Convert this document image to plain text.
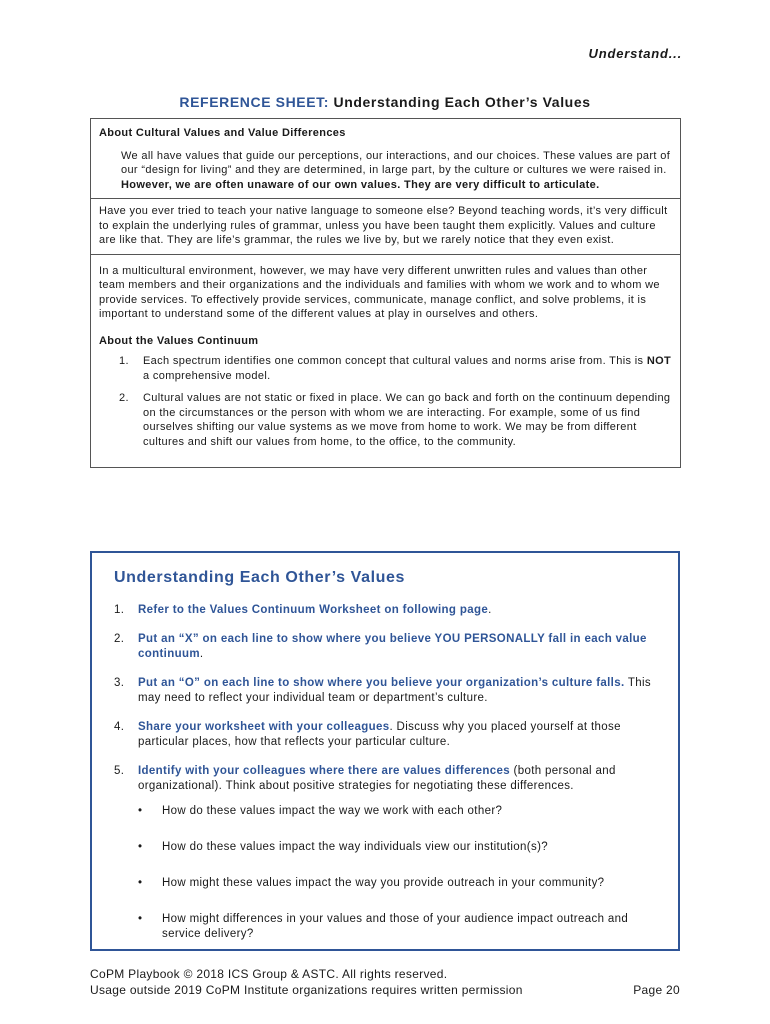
Understand...
REFERENCE SHEET: Understanding Each Other’s Values
About Cultural Values and Value Differences
We all have values that guide our perceptions, our interactions, and our choices. These values are part of our “design for living” and they are determined, in large part, by the culture or cultures we were raised in. However, we are often unaware of our own values. They are very difficult to articulate.
Have you ever tried to teach your native language to someone else? Beyond teaching words, it’s very difficult to explain the underlying rules of grammar, unless you have been taught them explicitly. Values and culture are like that. They are life’s grammar, the rules we live by, but we rarely notice that they even exist.
In a multicultural environment, however, we may have very different unwritten rules and values than other team members and their organizations and the individuals and families with whom we work and to whom we provide services. To effectively provide services, communicate, manage conflict, and solve problems, it is important to understand some of the different values at play in ourselves and others.
About the Values Continuum
1. Each spectrum identifies one common concept that cultural values and norms arise from. This is NOT a comprehensive model.
2. Cultural values are not static or fixed in place. We can go back and forth on the continuum depending on the circumstances or the person with whom we are interacting. For example, some of us find ourselves shifting our value systems as we move from home to work. We may be from different cultures and shift our values from home, to the office, to the community.
Understanding Each Other’s Values
1. Refer to the Values Continuum Worksheet on following page.
2. Put an “X” on each line to show where you believe YOU PERSONALLY fall in each value continuum.
3. Put an “O” on each line to show where you believe your organization’s culture falls. This may need to reflect your individual team or department’s culture.
4. Share your worksheet with your colleagues. Discuss why you placed yourself at those particular places, how that reflects your particular culture.
5. Identify with your colleagues where there are values differences (both personal and organizational). Think about positive strategies for negotiating these differences.
• How do these values impact the way we work with each other?
• How do these values impact the way individuals view our institution(s)?
• How might these values impact the way you provide outreach in your community?
• How might differences in your values and those of your audience impact outreach and service delivery?
CoPM Playbook © 2018 ICS Group & ASTC. All rights reserved.
Usage outside 2019 CoPM Institute organizations requires written permission	Page 20
